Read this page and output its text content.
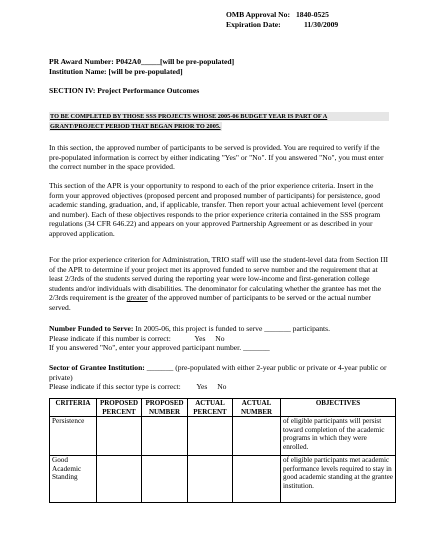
OMB Approval No: 1840-0525
Expiration Date:	11/30/2009
PR Award Number: P042A0_____[will be pre-populated]
Institution Name: [will be pre-populated]
SECTION IV: Project Performance Outcomes
TO BE COMPLETED BY THOSE SSS PROJECTS WHOSE 2005-06 BUDGET YEAR IS PART OF A
GRANT/PROJECT PERIOD THAT BEGAN PRIOR TO 2005.
In this section, the approved number of participants to be served is provided. You are required to verify if the pre-populated information is correct by either indicating "Yes" or "No". If you answered "No", you must enter the correct number in the space provided.
This section of the APR is your opportunity to respond to each of the prior experience criteria. Insert in the form your approved objectives (proposed percent and proposed number of participants) for persistence, good academic standing, graduation, and, if applicable, transfer. Then report your actual achievement level (percent and number). Each of these objectives responds to the prior experience criteria contained in the SSS program regulations (34 CFR 646.22) and appears on your approved Partnership Agreement or as described in your approved application.
For the prior experience criterion for Administration, TRIO staff will use the student-level data from Section III of the APR to determine if your project met its approved funded to serve number and the requirement that at least 2/3rds of the students served during the reporting year were low-income and first-generation college students and/or individuals with disabilities. The denominator for calculating whether the grantee has met the 2/3rds requirement is the greater of the approved number of participants to be served or the actual number served.
Number Funded to Serve: In 2005-06, this project is funded to serve _______ participants.
Please indicate if this number is correct:	Yes No
If you answered "No", enter your approved participant number. _______
Sector of Grantee Institution: _______ (pre-populated with either 2-year public or private or 4-year public or private)
Please indicate if this sector type is correct: Yes No
CRITERIA	PROPOSED PERCENT	PROPOSED NUMBER	ACTUAL PERCENT	ACTUAL NUMBER	OBJECTIVES
Persistence					of eligible participants will persist toward completion of the academic programs in which they were enrolled.
Good Academic Standing					of eligible participants met academic performance levels required to stay in good academic standing at the grantee institution.
